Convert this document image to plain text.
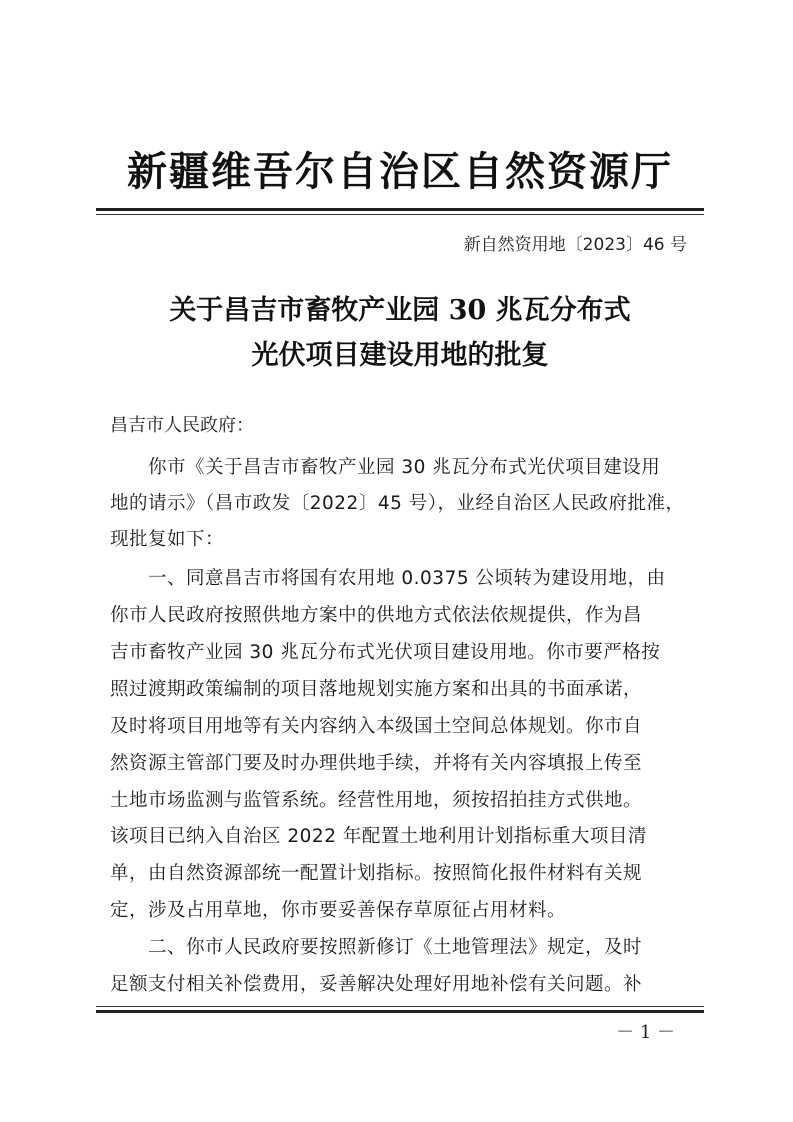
新疆维吾尔自治区自然资源厅
新自然资用地〔2023〕46 号
关于昌吉市畜牧产业园 30 兆瓦分布式
光伏项目建设用地的批复
昌吉市人民政府：
　　你市《关于昌吉市畜牧产业园 30 兆瓦分布式光伏项目建设用
地的请示》（昌市政发〔2022〕45 号），业经自治区人民政府批准，
现批复如下：
　　一、同意昌吉市将国有农用地 0.0375 公顷转为建设用地，由
你市人民政府按照供地方案中的供地方式依法依规提供，作为昌
吉市畜牧产业园 30 兆瓦分布式光伏项目建设用地。你市要严格按
照过渡期政策编制的项目落地规划实施方案和出具的书面承诺，
及时将项目用地等有关内容纳入本级国土空间总体规划。你市自
然资源主管部门要及时办理供地手续，并将有关内容填报上传至
土地市场监测与监管系统。经营性用地，须按招拍挂方式供地。
该项目已纳入自治区 2022 年配置土地利用计划指标重大项目清
单，由自然资源部统一配置计划指标。按照简化报件材料有关规
定，涉及占用草地，你市要妥善保存草原征占用材料。
　　二、你市人民政府要按照新修订《土地管理法》规定，及时
足额支付相关补偿费用，妥善解决处理好用地补偿有关问题。补
－ 1 －
